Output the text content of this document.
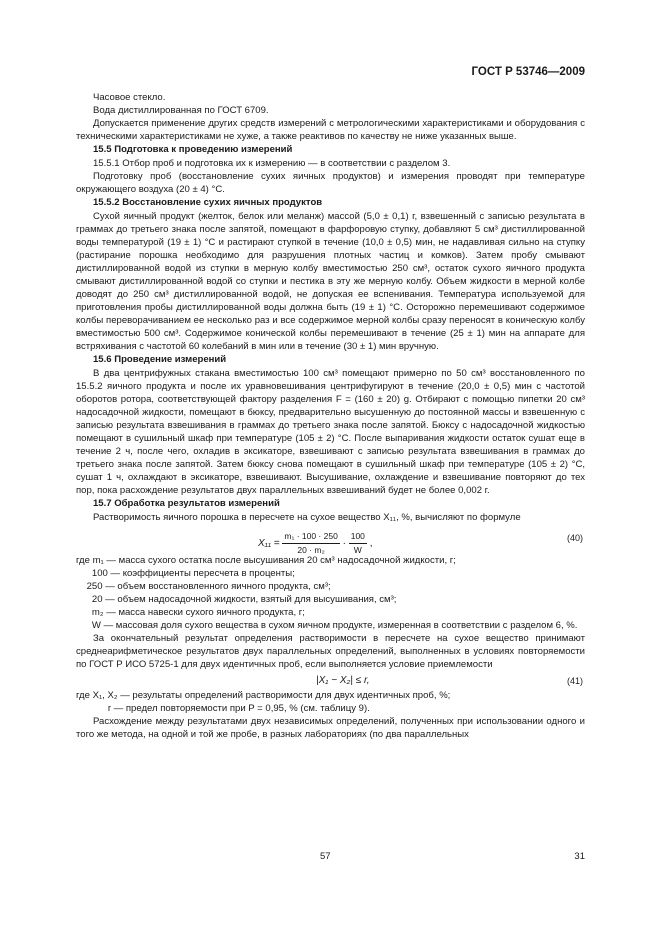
ГОСТ Р 53746—2009

Часовое стекло.

Вода дистиллированная по ГОСТ 6709.

Допускается применение других средств измерений с метрологическими характеристиками и оборудования с техническими характеристиками не хуже, а также реактивов по качеству не ниже указанных выше.

15.5 Подготовка к проведению измерений

15.5.1 Отбор проб и подготовка их к измерению — в соответствии с разделом 3.

Подготовку проб (восстановление сухих яичных продуктов) и измерения проводят при температуре окружающего воздуха (20 ± 4) °С.

15.5.2 Восстановление сухих яичных продуктов

Сухой яичный продукт (желток, белок или меланж) массой (5,0 ± 0,1) г, взвешенный с записью результата в граммах до третьего знака после запятой, помещают в фарфоровую ступку, добавляют 5 см³ дистиллированной воды температурой (19 ± 1) °С и растирают ступкой в течение (10,0 ± 0,5) мин, не надавливая сильно на ступку (растирание порошка необходимо для разрушения плотных частиц и комков). Затем пробу смывают дистиллированной водой из ступки в мерную колбу вместимостью 250 см³, остаток сухого яичного продукта смывают дистиллированной водой со ступки и пестика в эту же мерную колбу. Объем жидкости в мерной колбе доводят до 250 см³ дистиллированной водой, не допуская ее вспенивания. Температура используемой для приготовления пробы дистиллированной воды должна быть (19 ± 1) °С. Осторожно перемешивают содержимое колбы переворачиванием ее несколько раз и все содержимое мерной колбы сразу переносят в коническую колбу вместимостью 500 см³. Содержимое конической колбы перемешивают в течение (25 ± 1) мин на аппарате для встряхивания с частотой 60 колебаний в мин или в течение (30 ± 1) мин вручную.

15.6 Проведение измерений

В два центрифужных стакана вместимостью 100 см³ помещают примерно по 50 см³ восстановленного по 15.5.2 яичного продукта и после их уравновешивания центрифугируют в течение (20,0 ± 0,5) мин с частотой оборотов ротора, соответствующей фактору разделения F = (160 ± 20) g. Отбирают с помощью пипетки 20 см³ надосадочной жидкости, помещают в бюксу, предварительно высушенную до постоянной массы и взвешенную с записью результата взвешивания в граммах до третьего знака после запятой. Бюксу с надосадочной жидкостью помещают в сушильный шкаф при температуре (105 ± 2) °С. После выпаривания жидкости остаток сушат еще в течение 2 ч, после чего, охладив в эксикаторе, взвешивают с записью результата взвешивания в граммах до третьего знака после запятой. Затем бюксу снова помещают в сушильный шкаф при температуре (105 ± 2) °С, сушат 1 ч, охлаждают в эксикаторе, взвешивают. Высушивание, охлаждение и взвешивание повторяют до тех пор, пока расхождение результатов двух параллельных взвешиваний будет не более 0,002 г.

15.7 Обработка результатов измерений

Растворимость яичного порошка в пересчете на сухое вещество X₁₁, %, вычисляют по формуле

$X_{11} = \frac{\text{m₁ · 100 · 250}}{\text{20 · m₂}} \cdot \frac{100}{W}$ ,
(40)
где m₁ — масса сухого остатка после высушивания 20 см³ надосадочной жидкости, г;
100 — коэффициенты пересчета в проценты;
250 — объем восстановленного яичного продукта, см³;
20 — объем надосадочной жидкости, взятый для высушивания, см³;
m₂ — масса навески сухого яичного продукта, г;
W — массовая доля сухого вещества в сухом яичном продукте, измеренная в соответствии с разделом 6, %.

За окончательный результат определения растворимости в пересчете на сухое вещество принимают среднеарифметическое результатов двух параллельных определений, выполненных в условиях повторяемости по ГОСТ Р ИСО 5725-1 для двух идентичных проб, если выполняется условие приемлемости

|X₁ − X₂| ≤ r,	(41)
где X₁, X₂ — результаты определений растворимости для двух идентичных проб, %;
r — предел повторяемости при P = 0,95, % (см. таблицу 9).

Расхождение между результатами двух независимых определений, полученных при использовании одного и того же метода, на одной и той же пробе, в разных лабораториях (по два параллельных

57	31
